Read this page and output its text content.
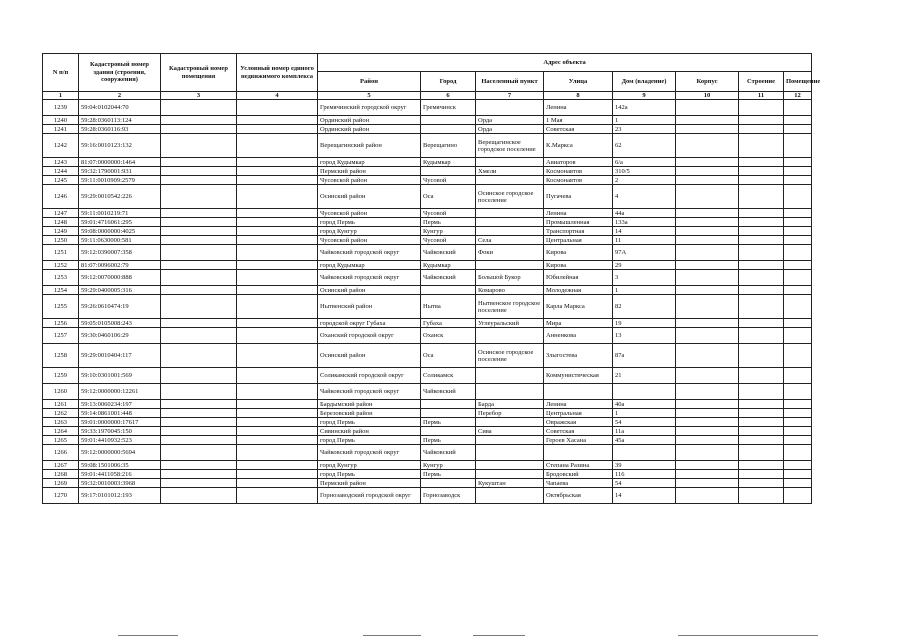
N п/п	Кадастровый номер здания (строения, сооружения)	Кадастровый номер помещения	Условный номер единого недвижимого комплекса	Адрес объекта							
				Район	Город	Населенный пункт	Улица	Дом (владение)	Корпус	Строение	Помещение
1	2	3	4	5	6	7	8	9	10	11	12
1239	59:04:0102044:70			Гремячинский городской округ	Гремячинск		Ленина	142а			
1240	59:28:0360113:124			Ординский район		Орда	1 Мая	1			
1241	59:28:0360116:93			Ординский район		Орда	Советская	23			
1242	59:16:0010123:132			Верещагинский район	Верещагино	Верещагинское городское поселение	К.Маркса	62			
1243	81:07:0000000:1464			город Кудымкар	Кудымкар		Авиаторов	6/а			
1244	59:32:1790001:931			Пермский район		Хмели	Космонавтов	310/5			
1245	59:11:0010909:2579			Чусовской район	Чусовой		Космонавтов	2			
1246	59:29:0010542:226			Осинский район	Оса	Осинское городское поселение	Пугачева	4			
1247	59:11:0010219:71			Чусовской район	Чусовой		Ленина	44а			
1248	59:01:4716061:295			город Пермь	Пермь		Промышленная	133а			
1249	59:08:0000000:4025			город Кунгур	Кунгур		Транспортная	14			
1250	59:11:0630000:581			Чусовской район	Чусовой	Села	Центральная	11			
1251	59:12:0390007:358			Чайковский городской округ	Чайковский	Фоки	Кирова	97А			
1252	81:07:0096002:79			город Кудымкар	Кудымкар		Кирова	29			
1253	59:12:0070000:888			Чайковский городской округ	Чайковский	Большой Букор	Юбилейная	3			
1254	59:29:0400005:316			Осинский район		Комарово	Молодежная	1			
1255	59:26:0610474:19			Нытвенский район	Нытва	Нытвенское городское поселение	Карла Маркса	82			
1256	59:05:0105008:243			городской округ Губаха	Губаха	Углеуральский	Мира	19			
1257	59:30:0460106:29			Оханский городской округ	Оханск		Анненкова	13			
1258	59:29:0010404:117			Осинский район	Оса	Осинское городское поселение	Злыгостева	87а			
1259	59:10:0301001:569			Соликамский городской округ	Соликамск		Коммунистическая	21			
1260	59:12:0000000:12261			Чайковский городской округ	Чайковский						
1261	59:13:0060234:197			Бардымский район		Барда	Ленина	40а			
1262	59:14:0861001:448			Березовский район		Перебор	Центральная	1			
1263	59:01:0000000:17617			город Пермь	Пермь		Овражская	54			
1264	59:33:1970045:150			Сивинский район		Сива	Советская	11а			
1265	59:01:4410932:523			город Пермь	Пермь		Героев Хасана	45а			
1266	59:12:0000000:5694			Чайковский городской округ	Чайковский						
1267	59:08:1501006:35			город Кунгур	Кунгур		Степана Разина	39			
1268	59:01:4411058:216			город Пермь	Пермь		Бродовский	116			
1269	59:32:0010003:3968			Пермский район		Кукуштан	Чапаева	54			
1270	59:17:0101012:193			Горнозаводский городской округ	Горнозаводск		Октябрьская	14			
